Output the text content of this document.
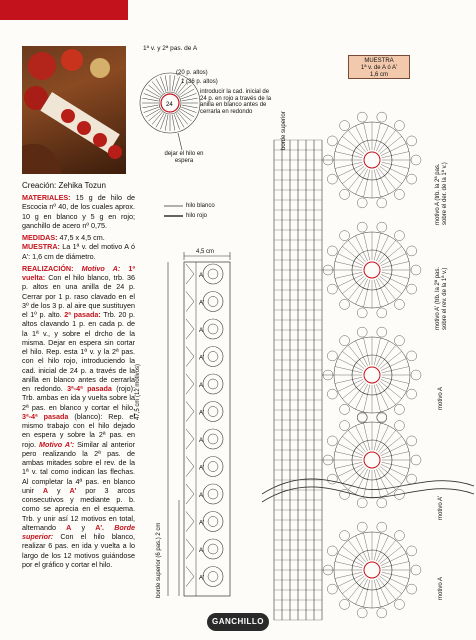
Creación: Zehika Tozun

MATERIALES: 15 g de hilo de Escocia nº 40, de los cuales aprox. 10 g en blanco y 5 g en rojo; ganchillo de acero nº 0,75.

MEDIDAS: 47,5 x 4,5 cm.
MUESTRA: La 1ª v. del motivo A ó A': 1,6 cm de diámetro.

REALIZACIÓN: Motivo A: 1ª vuelta: Con el hilo blanco, trb. 36 p. altos en una anilla de 24 p. Cerrar por 1 p. raso clavado en el 3º de los 3 p. al aire que sustituyen el 1º p. alto. 2ª pasada: Trb. 20 p. altos clavando 1 p. en cada p. de la 1ª v., y sobre el drcho de la misma. Dejar en espera sin cortar el hilo. Rep. esta 1ª v. y la 2ª pas. con el hilo rojo, introduciendo la cad. inicial de 24 p. a través de la anilla en blanco antes de cerrarla en redondo. 3ª-4ª pasada (rojo): Trb. ambas en ida y vuelta sobre la 2ª pas. en blanco y cortar el hilo. 3ª-4ª pasada (blanco): Rep. el mismo trabajo con el hilo dejado en espera y sobre la 2ª pas. en rojo. Motivo A': Similar al anterior pero realizando la 2ª pas. de ambas mitades sobre el rev. de la 1ª v. tal como indican las flechas. Al completar la 4ª pas. en blanco unir A y A' por 3 arcos consecutivos y mediante p. b. como se aprecia en el esquema. Trb. y unir así 12 motivos en total, alternando A y A'. Borde superior: Con el hilo blanco, realizar 6 pas. en ida y vuelta a lo largo de los 12 motivos guiándose por el gráfico y cortar el hilo.

1ª v. y 2ª pas. de A
(20 p. altos)
1 (36 p. altos)
introducir la cad. inicial de 24 p. en rojo a través de la anilla en blanco antes de cerrarla en redondo
dejar el hilo en espera
hilo blanco
hilo rojo
4,5 cm
MUESTRA
1ª v. de A ó A'
1,6 cm
A
A'
A
A'
A
A'
A
A'
A
A'
A
A'
24
47,5 cm (12 motivos)
borde superior (6 pas.) 2 cm
borde superior
motivo A (trb. la 2ª pas. sobre el der. de la 1ª v.)
motivo A' (trb. la 2ª pas. sobre el rev. de la 1ª v.)
motivo A
motivo A'
motivo A
GANCHILLO
